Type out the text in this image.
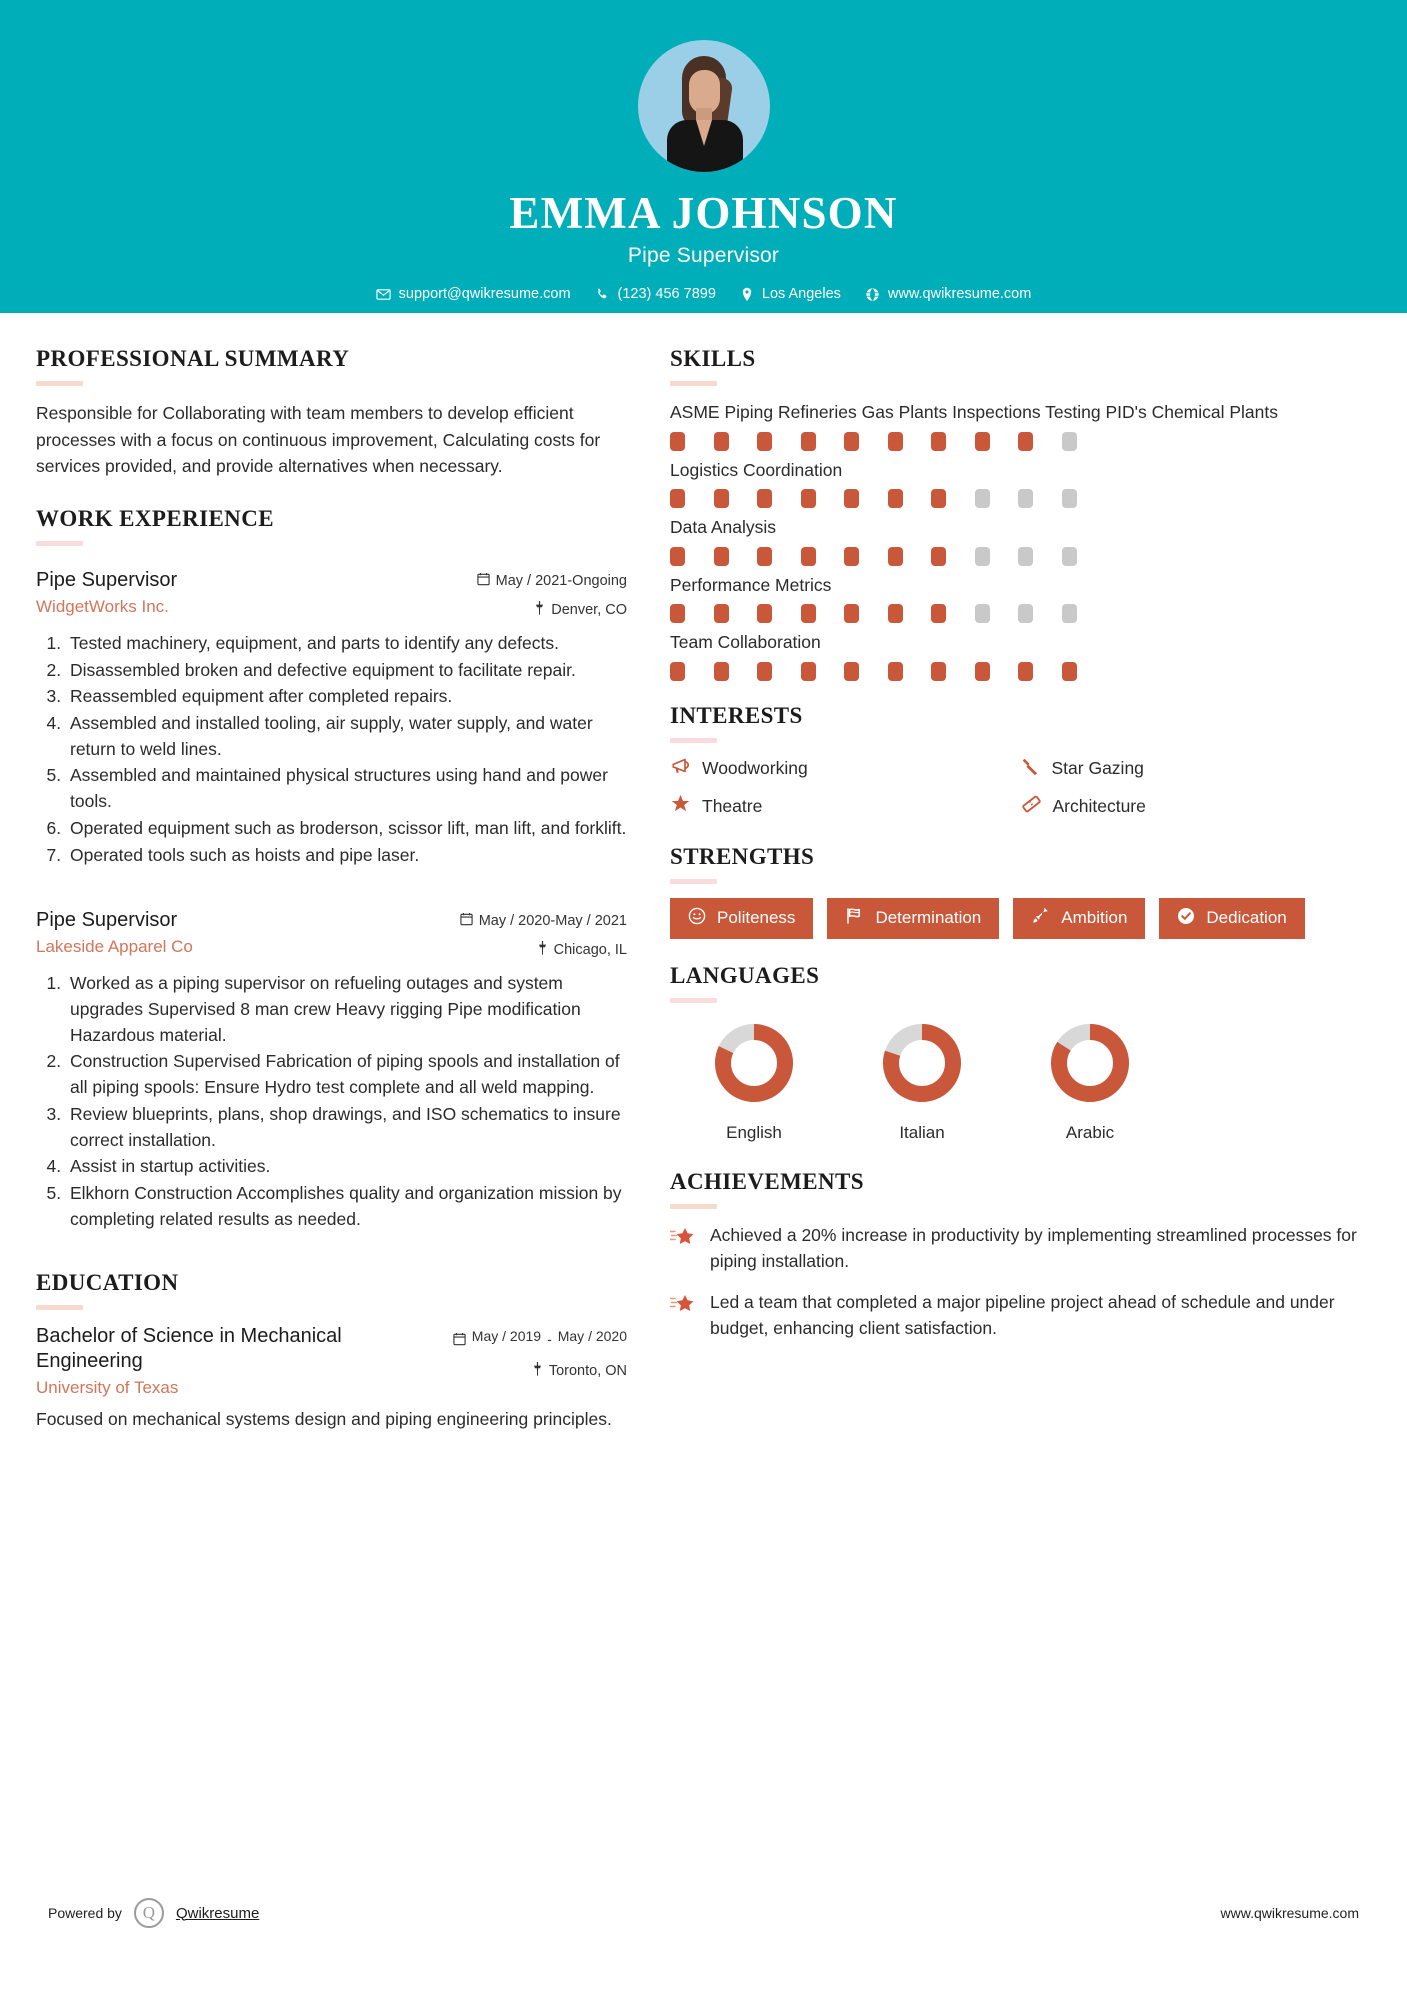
EMMA JOHNSON
Pipe Supervisor
support@qwikresume.com	(123) 456 7899	Los Angeles	www.qwikresume.com
PROFESSIONAL SUMMARY

Responsible for Collaborating with team members to develop efficient processes with a focus on continuous improvement, Calculating costs for services provided, and provide alternatives when necessary.

WORK EXPERIENCE
Pipe Supervisor
WidgetWorks Inc.
May / 2021-Ongoing
Denver, CO
1. Tested machinery, equipment, and parts to identify any defects.
2. Disassembled broken and defective equipment to facilitate repair.
3. Reassembled equipment after completed repairs.
4. Assembled and installed tooling, air supply, water supply, and water return to weld lines.
5. Assembled and maintained physical structures using hand and power tools.
6. Operated equipment such as broderson, scissor lift, man lift, and forklift.
7. Operated tools such as hoists and pipe laser.
Pipe Supervisor
Lakeside Apparel Co
May / 2020-May / 2021
Chicago, IL
1. Worked as a piping supervisor on refueling outages and system upgrades Supervised 8 man crew Heavy rigging Pipe modification Hazardous material.
2. Construction Supervised Fabrication of piping spools and installation of all piping spools: Ensure Hydro test complete and all weld mapping.
3. Review blueprints, plans, shop drawings, and ISO schematics to insure correct installation.
4. Assist in startup activities.
5. Elkhorn Construction Accomplishes quality and organization mission by completing related results as needed.
EDUCATION
Bachelor of Science in Mechanical Engineering
University of Texas
May / 2019 - May / 2020
Toronto, ON

Focused on mechanical systems design and piping engineering principles.

SKILLS
ASME Piping Refineries Gas Plants Inspections Testing PID's Chemical Plants
Logistics Coordination
Data Analysis
Performance Metrics
Team Collaboration
INTERESTS
Woodworking	Star Gazing
Theatre	Architecture
STRENGTHS
Politeness	Determination	Ambition	Dedication
LANGUAGES
English	Italian	Arabic
ACHIEVEMENTS

Achieved a 20% increase in productivity by implementing streamlined processes for piping installation.

Led a team that completed a major pipeline project ahead of schedule and under budget, enhancing client satisfaction.

Powered by	Q	Qwikresume	www.qwikresume.com
